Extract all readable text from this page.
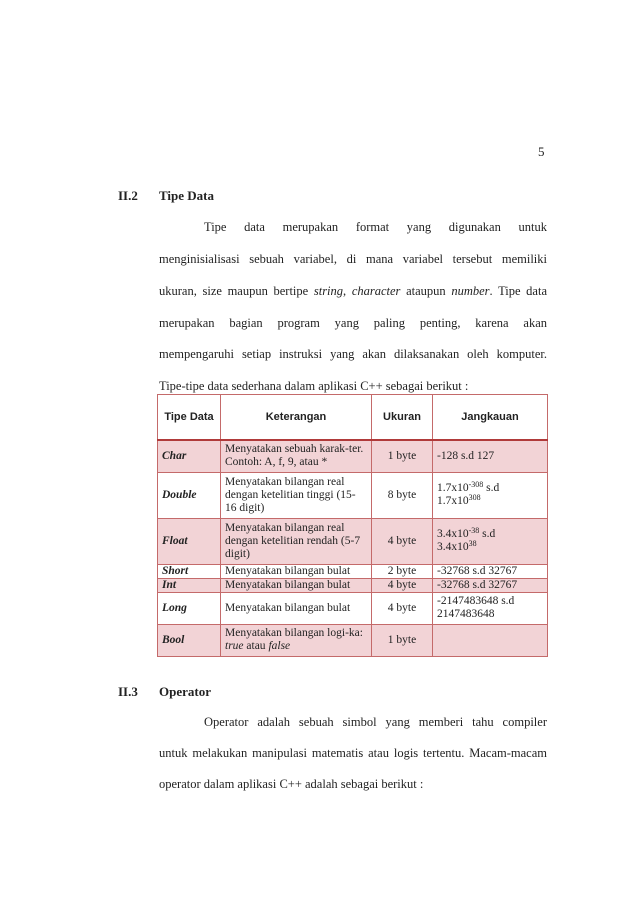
5
II.2 Tipe Data
Tipe data merupakan format yang digunakan untuk
menginisialisasi sebuah variabel, di mana variabel tersebut memiliki
ukuran, size maupun bertipe string, character ataupun number. Tipe data
merupakan bagian program yang paling penting, karena akan
mempengaruhi setiap instruksi yang akan dilaksanakan oleh komputer.
Tipe-tipe data sederhana dalam aplikasi C++ sebagai berikut :
Tipe Data	Keterangan	Ukuran	Jangkauan
Char	Menyatakan sebuah karak-ter. Contoh: A, f, 9, atau *	1 byte	-128 s.d 127
Double	Menyatakan bilangan real dengan ketelitian tinggi (15-16 digit)	8 byte	$1.7x10^{-308}$ s.d
$1.7x10^{308}$
Float	Menyatakan bilangan real dengan ketelitian rendah (5-7 digit)	4 byte	$3.4x10^{-38}$ s.d
$3.4x10^{38}$
Short	Menyatakan bilangan bulat	2 byte	-32768 s.d 32767
Int	Menyatakan bilangan bulat	4 byte	-32768 s.d 32767
Long	Menyatakan bilangan bulat	4 byte	-2147483648 s.d 2147483648
Bool	Menyatakan bilangan logi-ka: true atau false	1 byte	
II.3 Operator
Operator adalah sebuah simbol yang memberi tahu compiler
untuk melakukan manipulasi matematis atau logis tertentu. Macam-macam
operator dalam aplikasi C++ adalah sebagai berikut :
